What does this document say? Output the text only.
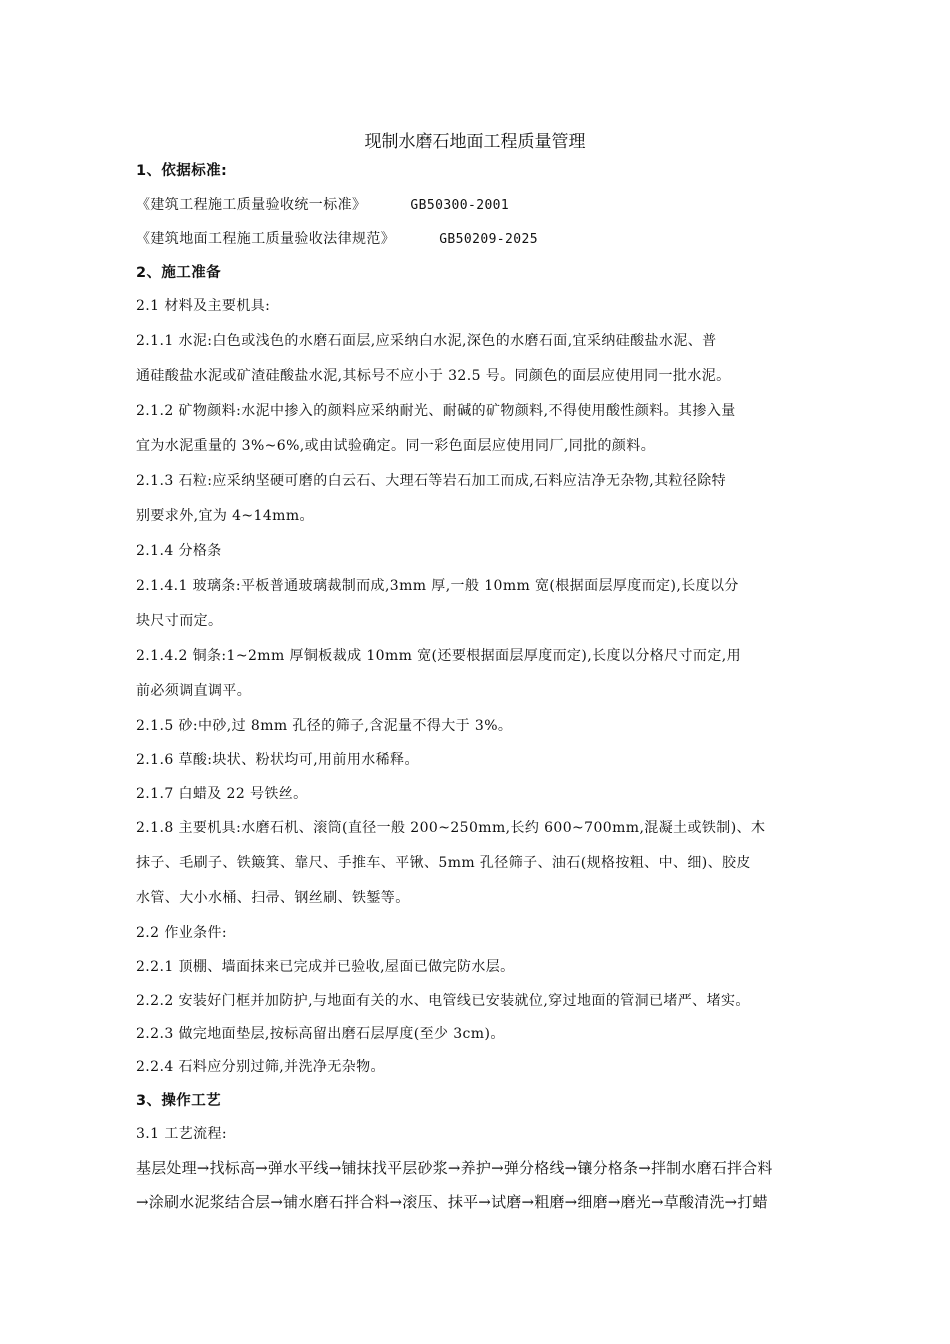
现制水磨石地面工程质量管理
1、依据标准:
《建筑工程施工质量验收统一标准》	GB50300-2001
《建筑地面工程施工质量验收法律规范》	GB50209-2025
2、施工准备
2.1 材料及主要机具:
2.1.1 水泥:白色或浅色的水磨石面层,应采纳白水泥,深色的水磨石面,宜采纳硅酸盐水泥、普
通硅酸盐水泥或矿渣硅酸盐水泥,其标号不应小于 32.5 号。同颜色的面层应使用同一批水泥。
2.1.2 矿物颜料:水泥中掺入的颜料应采纳耐光、耐碱的矿物颜料,不得使用酸性颜料。其掺入量
宜为水泥重量的 3%~6%,或由试验确定。同一彩色面层应使用同厂,同批的颜料。
2.1.3 石粒:应采纳坚硬可磨的白云石、大理石等岩石加工而成,石料应洁净无杂物,其粒径除特
别要求外,宜为 4~14mm。
2.1.4 分格条
2.1.4.1 玻璃条:平板普通玻璃裁制而成,3mm 厚,一般 10mm 宽(根据面层厚度而定),长度以分
块尺寸而定。
2.1.4.2 铜条:1~2mm 厚铜板裁成 10mm 宽(还要根据面层厚度而定),长度以分格尺寸而定,用
前必须调直调平。
2.1.5 砂:中砂,过 8mm 孔径的筛子,含泥量不得大于 3%。
2.1.6 草酸:块状、粉状均可,用前用水稀释。
2.1.7 白蜡及 22 号铁丝。
2.1.8 主要机具:水磨石机、滚筒(直径一般 200~250mm,长约 600~700mm,混凝土或铁制)、木
抹子、毛刷子、铁簸箕、靠尺、手推车、平锹、5mm 孔径筛子、油石(规格按粗、中、细)、胶皮
水管、大小水桶、扫帚、钢丝刷、铁錾等。
2.2 作业条件:
2.2.1 顶棚、墙面抹来已完成并已验收,屋面已做完防水层。
2.2.2 安装好门框并加防护,与地面有关的水、电管线已安装就位,穿过地面的管洞已堵严、堵实。
2.2.3 做完地面垫层,按标高留出磨石层厚度(至少 3cm)。
2.2.4 石料应分别过筛,并洗净无杂物。
3、操作工艺
3.1 工艺流程:
基层处理→找标高→弹水平线→铺抹找平层砂浆→养护→弹分格线→镶分格条→拌制水磨石拌合料
→涂刷水泥浆结合层→铺水磨石拌合料→滚压、抹平→试磨→粗磨→细磨→磨光→草酸清洗→打蜡
